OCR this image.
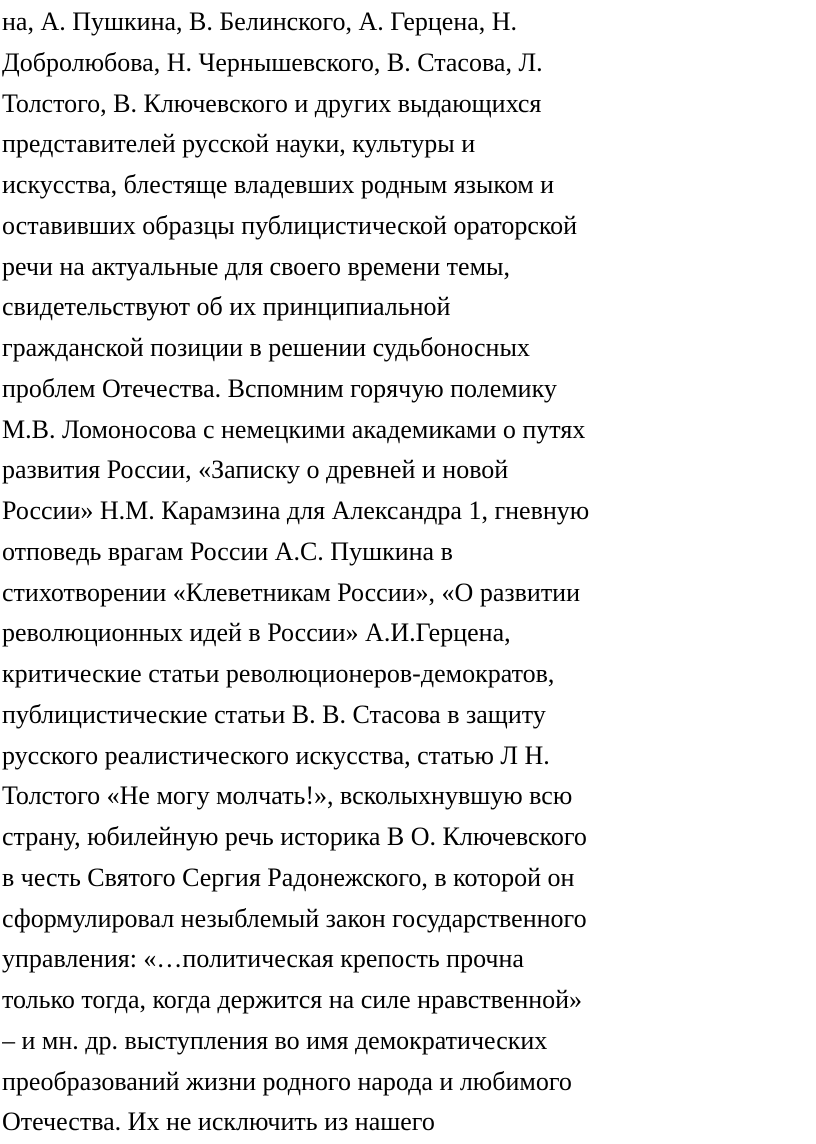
на, А. Пушкина, В. Белинского, А. Герцена, Н.
Добролюбова, Н. Чернышевского, В. Стасова, Л.
Толстого, В. Ключевского и других выдающихся
представителей русской науки, культуры и
искусства, блестяще владевших родным языком и
оставивших образцы публицистической ораторской
речи на актуальные для своего времени темы,
свидетельствуют об их принципиальной
гражданской позиции в решении судьбоносных
проблем Отечества. Вспомним горячую полемику
М.В. Ломоносова с немецкими академиками о путях
развития России, «Записку о древней и новой
России» Н.М. Карамзина для Александра 1, гневную
отповедь врагам России А.С. Пушкина в
стихотворении «Клеветникам России», «О развитии
революционных идей в России» А.И.Герцена,
критические статьи революционеров-демократов,
публицистические статьи В. В. Стасова в защиту
русского реалистического искусства, статью Л Н.
Толстого «Не могу молчать!», всколыхнувшую всю
страну, юбилейную речь историка В О. Ключевского
в честь Святого Сергия Радонежского, в которой он
сформулировал незыблемый закон государственного
управления: «…политическая крепость прочна
только тогда, когда держится на силе нравственной»
– и мн. др. выступления во имя демократических
преобразований жизни родного народа и любимого
Отечества. Их не исключить из нашего
